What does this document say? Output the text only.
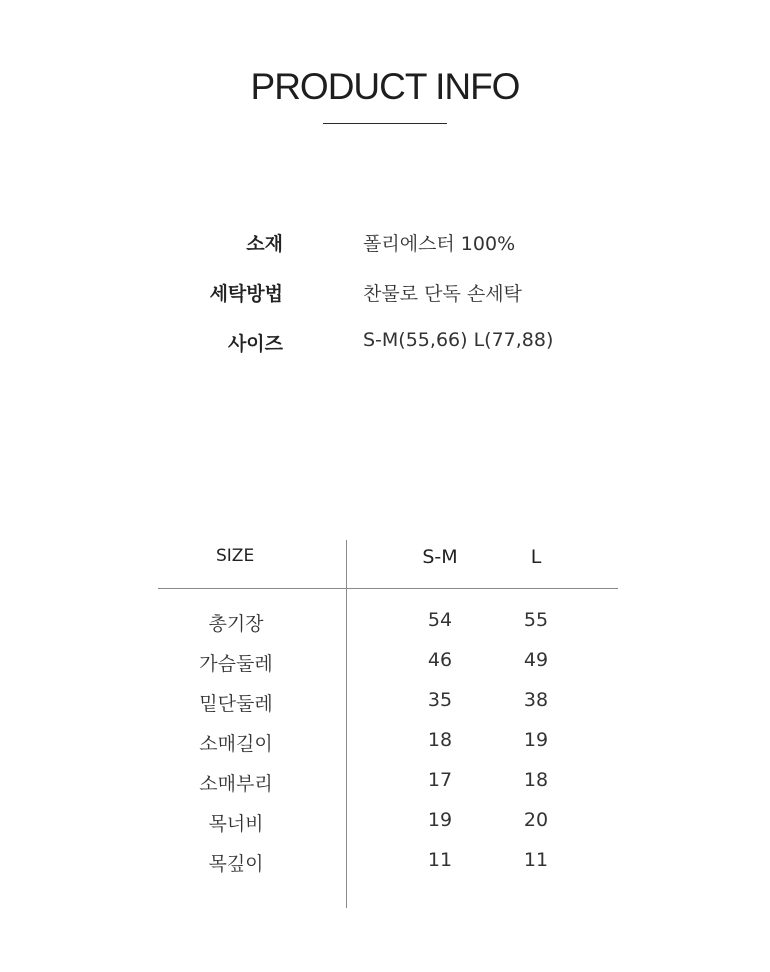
PRODUCT INFO
소재	폴리에스터 100%
세탁방법	찬물로 단독 손세탁
사이즈	S-M(55,66) L(77,88)
SIZE	S-M	L
총기장	54	55
가슴둘레	46	49
밑단둘레	35	38
소매길이	18	19
소매부리	17	18
목너비	19	20
목깊이	11	11
